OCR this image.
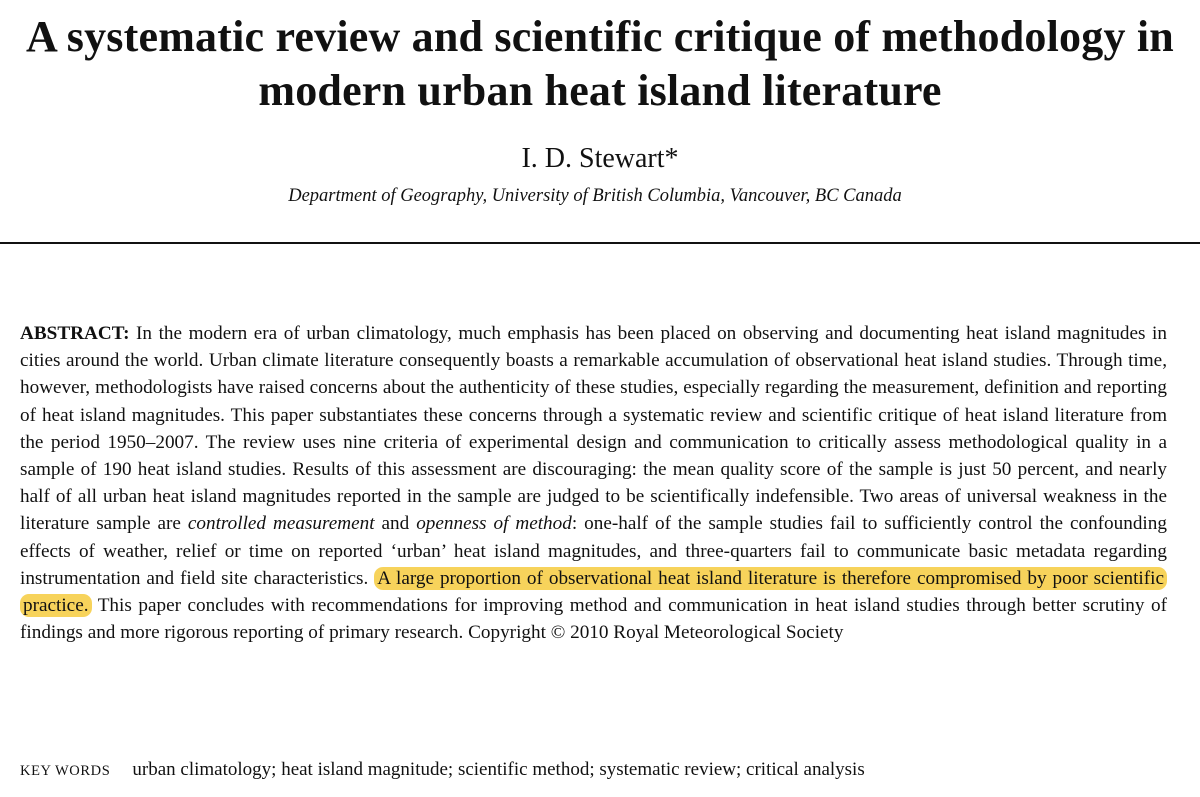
A systematic review and scientific critique of methodology in
modern urban heat island literature
I. D. Stewart*
Department of Geography, University of British Columbia, Vancouver, BC Canada

ABSTRACT: In the modern era of urban climatology, much emphasis has been placed on observing and documenting heat island magnitudes in cities around the world. Urban climate literature consequently boasts a remarkable accumulation of observational heat island studies. Through time, however, methodologists have raised concerns about the authenticity of these studies, especially regarding the measurement, definition and reporting of heat island magnitudes. This paper substantiates these concerns through a systematic review and scientific critique of heat island literature from the period 1950–2007. The review uses nine criteria of experimental design and communication to critically assess methodological quality in a sample of 190 heat island studies. Results of this assessment are discouraging: the mean quality score of the sample is just 50 percent, and nearly half of all urban heat island magnitudes reported in the sample are judged to be scientifically indefensible. Two areas of universal weakness in the literature sample are controlled measurement and openness of method: one-half of the sample studies fail to sufficiently control the confounding effects of weather, relief or time on reported ‘urban’ heat island magnitudes, and three-quarters fail to communicate basic metadata regarding instrumentation and field site characteristics. A large proportion of observational heat island literature is therefore compromised by poor scientific practice. This paper concludes with recommendations for improving method and communication in heat island studies through better scrutiny of findings and more rigorous reporting of primary research. Copyright © 2010 Royal Meteorological Society

KEY WORDS urban climatology; heat island magnitude; scientific method; systematic review; critical analysis
